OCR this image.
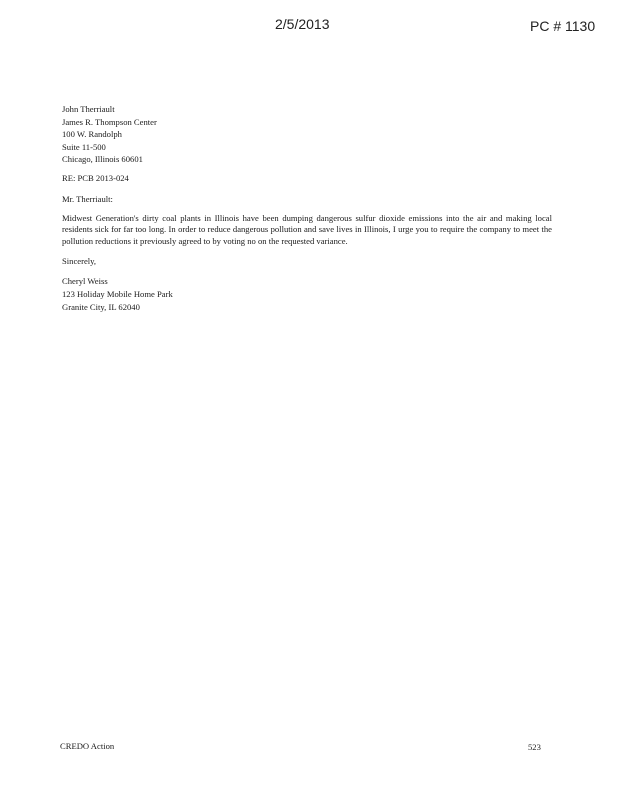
2/5/2013	PC # 1130
John Therriault
James R. Thompson Center
100 W. Randolph
Suite 11-500
Chicago, Illinois 60601
RE: PCB 2013-024
Mr. Therriault:
Midwest Generation's dirty coal plants in Illinois have been dumping dangerous sulfur dioxide emissions into the air and making local residents sick for far too long. In order to reduce dangerous pollution and save lives in Illinois, I urge you to require the company to meet the pollution reductions it previously agreed to by voting no on the requested variance.
Sincerely,
Cheryl Weiss
123 Holiday Mobile Home Park
Granite City, IL 62040
CREDO Action	523
